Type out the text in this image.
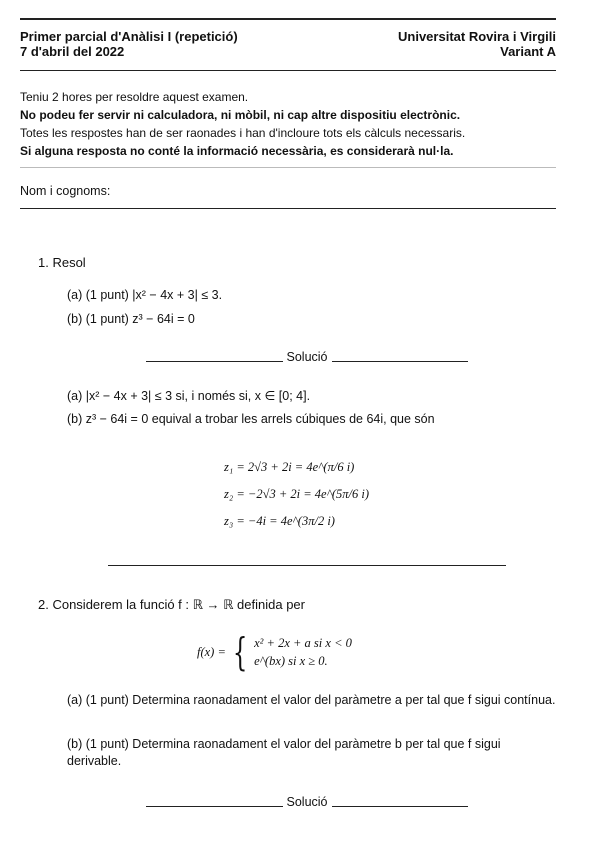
Primer parcial d'Anàlisi I (repetició)
7 d'abril del 2022
Universitat Rovira i Virgili
Variant A
Teniu 2 hores per resoldre aquest examen.
No podeu fer servir ni calculadora, ni mòbil, ni cap altre dispositiu electrònic.
Totes les respostes han de ser raonades i han d'incloure tots els càlculs necessaris.
Si alguna resposta no conté la informació necessària, es considerarà nul·la.
Nom i cognoms:
1. Resol
(a) (1 punt) |x² − 4x + 3| ≤ 3.
(b) (1 punt) z³ − 64i = 0
Solució
(a) |x² − 4x + 3| ≤ 3 si, i només si, x ∈ [0; 4].
(b) z³ − 64i = 0 equival a trobar les arrels cúbiques de 64i, que són
z₁ = 2√3 + 2i = 4e^(π/6 i)
z₂ = −2√3 + 2i = 4e^(5π/6 i)
z₃ = −4i = 4e^(3π/2 i)
2. Considerem la funció f : ℝ → ℝ definida per
f(x) = { x² + 2x + a si x < 0
e^(bx) si x ≥ 0.
(a) (1 punt) Determina raonadament el valor del paràmetre a per tal que f sigui contínua.
(b) (1 punt) Determina raonadament el valor del paràmetre b per tal que f sigui derivable.
Solució
